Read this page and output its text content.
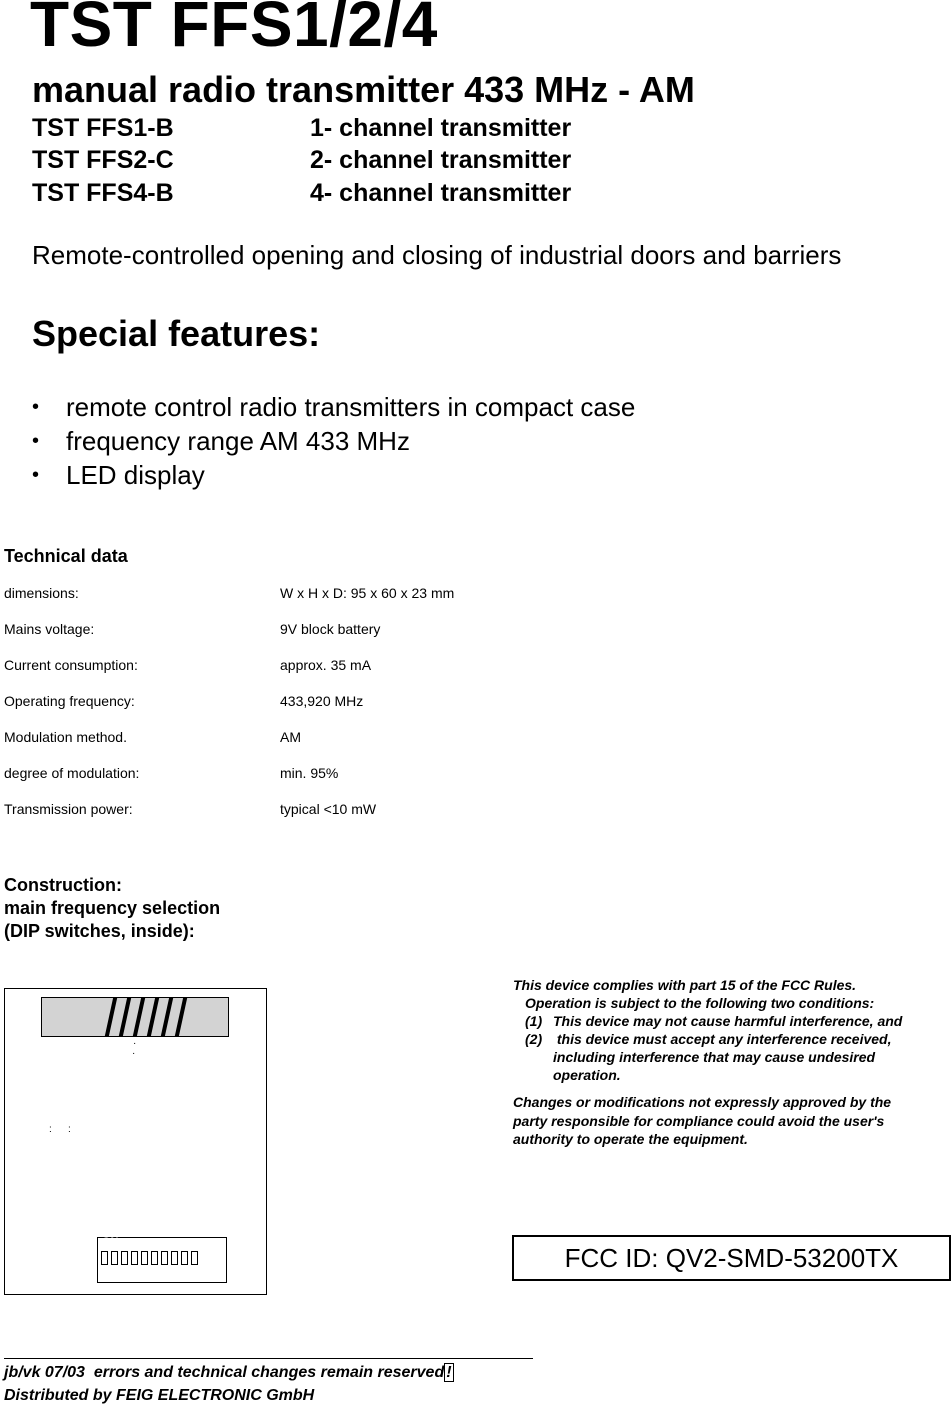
TST FFS1/2/4
manual radio transmitter 433 MHz - AM
TST FFS1-B	1- channel transmitter
TST FFS2-C	2- channel transmitter
TST FFS4-B	4- channel transmitter
Remote-controlled opening and closing of industrial doors and barriers
Special features:
•	remote control radio transmitters in compact case
•	frequency range AM 433 MHz
•	LED display
Technical data
dimensions:	W x H x D: 95 x 60 x 23 mm
Mains voltage:	9V block battery
Current consumption:	approx. 35 mA
Operating frequency:	433,920 MHz
Modulation method.	AM
degree of modulation:	min. 95%
Transmission power:	typical <10 mW
Construction:
main frequency selection
(DIP switches, inside):
·
·
: :
ON
1 2 3 4 5 6 7 8 9 10
This device complies with part 15 of the FCC Rules.
Operation is subject to the following two conditions:
(1) This device may not cause harmful interference, and
(2) this device must accept any interference received,
including interference that may cause undesired
operation.
Changes or modifications not expressly approved by the
party responsible for compliance could avoid the user's
authority to operate the equipment.
FCC ID: QV2-SMD-53200TX
jb/vk 07/03  errors and technical changes remain reserved !
Distributed by FEIG ELECTRONIC GmbH
